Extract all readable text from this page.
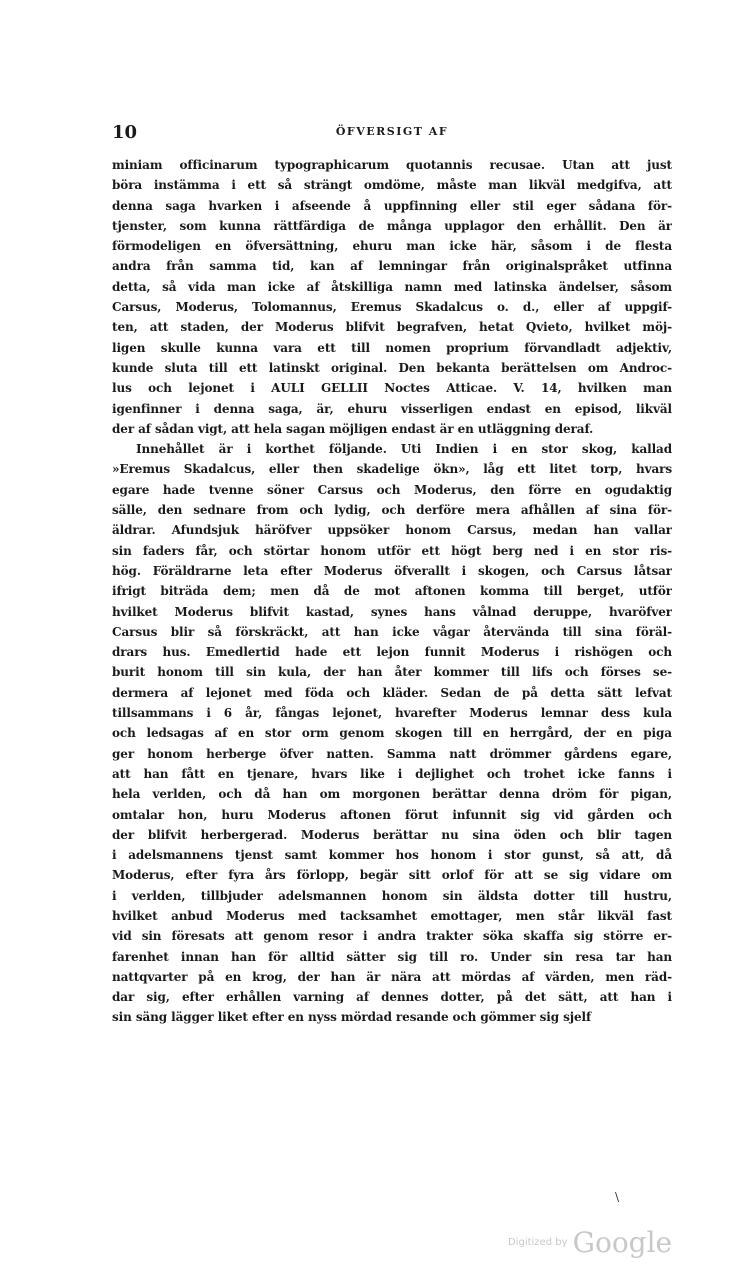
10	ÖFVERSIGT AF
miniam officinarum typographicarum quotannis recusae. Utan att just
böra instämma i ett så strängt omdöme, måste man likväl medgifva, att
denna saga hvarken i afseende å uppfinning eller stil eger sådana för-
tjenster, som kunna rättfärdiga de många upplagor den erhållit. Den är
förmodeligen en öfversättning, ehuru man icke här, såsom i de flesta
andra från samma tid, kan af lemningar från originalspråket utfinna
detta, så vida man icke af åtskilliga namn med latinska ändelser, såsom
Carsus, Moderus, Tolomannus, Eremus Skadalcus o. d., eller af uppgif-
ten, att staden, der Moderus blifvit begrafven, hetat Qvieto, hvilket möj-
ligen skulle kunna vara ett till nomen proprium förvandladt adjektiv,
kunde sluta till ett latinskt original. Den bekanta berättelsen om Androc-
lus och lejonet i AULI GELLII Noctes Atticae. V. 14, hvilken man
igenfinner i denna saga, är, ehuru visserligen endast en episod, likväl
der af sådan vigt, att hela sagan möjligen endast är en utläggning deraf.
Innehållet är i korthet följande. Uti Indien i en stor skog, kallad
»Eremus Skadalcus, eller then skadelige ökn», låg ett litet torp, hvars
egare hade tvenne söner Carsus och Moderus, den förre en ogudaktig
sälle, den sednare from och lydig, och derföre mera afhållen af sina för-
äldrar. Afundsjuk häröfver uppsöker honom Carsus, medan han vallar
sin faders får, och störtar honom utför ett högt berg ned i en stor ris-
hög. Föräldrarne leta efter Moderus öfverallt i skogen, och Carsus låtsar
ifrigt biträda dem; men då de mot aftonen komma till berget, utför
hvilket Moderus blifvit kastad, synes hans vålnad deruppe, hvaröfver
Carsus blir så förskräckt, att han icke vågar återvända till sina föräl-
drars hus. Emedlertid hade ett lejon funnit Moderus i rishögen och
burit honom till sin kula, der han åter kommer till lifs och förses se-
dermera af lejonet med föda och kläder. Sedan de på detta sätt lefvat
tillsammans i 6 år, fångas lejonet, hvarefter Moderus lemnar dess kula
och ledsagas af en stor orm genom skogen till en herrgård, der en piga
ger honom herberge öfver natten. Samma natt drömmer gårdens egare,
att han fått en tjenare, hvars like i dejlighet och trohet icke fanns i
hela verlden, och då han om morgonen berättar denna dröm för pigan,
omtalar hon, huru Moderus aftonen förut infunnit sig vid gården och
der blifvit herbergerad. Moderus berättar nu sina öden och blir tagen
i adelsmannens tjenst samt kommer hos honom i stor gunst, så att, då
Moderus, efter fyra års förlopp, begär sitt orlof för att se sig vidare om
i verlden, tillbjuder adelsmannen honom sin äldsta dotter till hustru,
hvilket anbud Moderus med tacksamhet emottager, men står likväl fast
vid sin föresats att genom resor i andra trakter söka skaffa sig större er-
farenhet innan han för alltid sätter sig till ro. Under sin resa tar han
nattqvarter på en krog, der han är nära att mördas af värden, men räd-
dar sig, efter erhållen varning af dennes dotter, på det sätt, att han i
sin säng lägger liket efter en nyss mördad resande och gömmer sig sjelf
\
Digitized by Google
